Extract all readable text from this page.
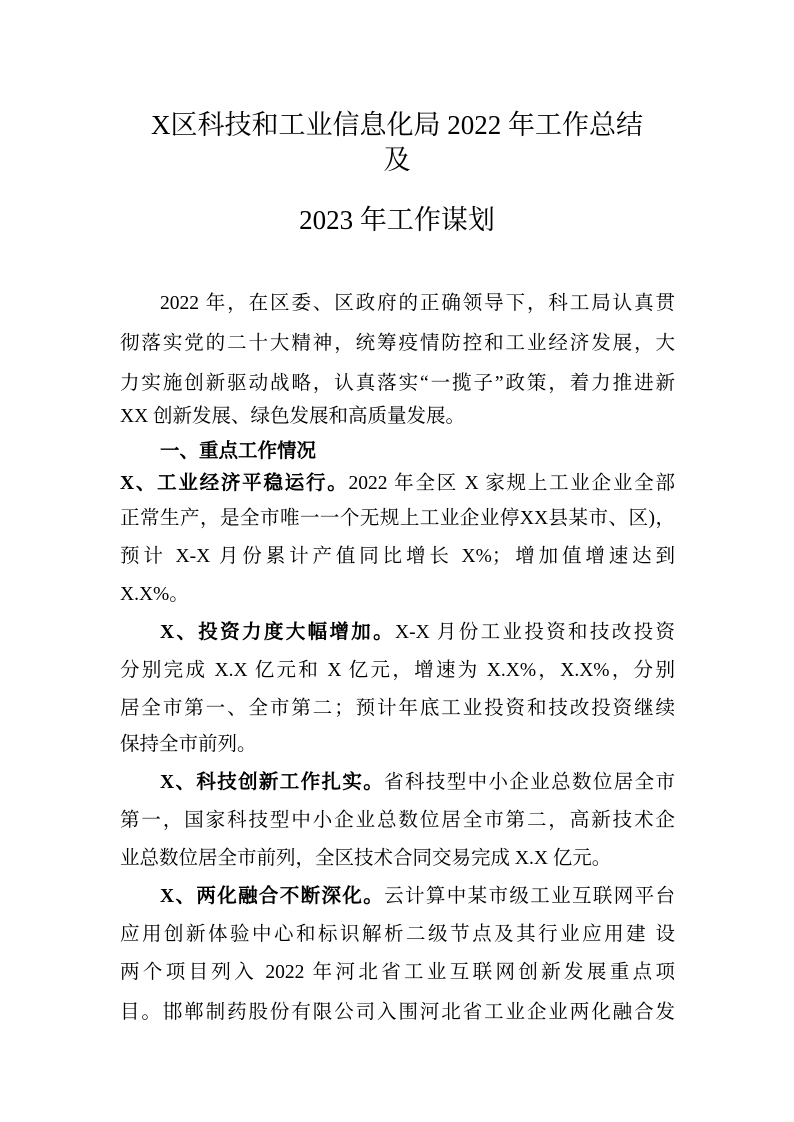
X区科技和工业信息化局 2022 年工作总结
及
2023 年工作谋划
2022 年，在区委、区政府的正确领导下，科工局认真贯
彻落实党的二十大精神，统筹疫情防控和工业经济发展，大
力实施创新驱动战略，认真落实“一揽子”政策，着力推进新
XX 创新发展、绿色发展和高质量发展。
一、重点工作情况
X、工业经济平稳运行。2022 年全区 X 家规上工业企业全部
正常生产，是全市唯一一个无规上工业企业停XX县某市、区)，
预计 X-X 月份累计产值同比增长 X%；增加值增速达到
X.X%。
X、投资力度大幅增加。X-X 月份工业投资和技改投资
分别完成 X.X 亿元和 X 亿元，增速为 X.X%，X.X%，分别
居全市第一、全市第二；预计年底工业投资和技改投资继续
保持全市前列。
X、科技创新工作扎实。省科技型中小企业总数位居全市
第一，国家科技型中小企业总数位居全市第二，高新技术企
业总数位居全市前列，全区技术合同交易完成 X.X 亿元。
X、两化融合不断深化。云计算中某市级工业互联网平台
应用创新体验中心和标识解析二级节点及其行业应用建 设
两个项目列入 2022 年河北省工业互联网创新发展重点项
目。邯郸制药股份有限公司入围河北省工业企业两化融合发
